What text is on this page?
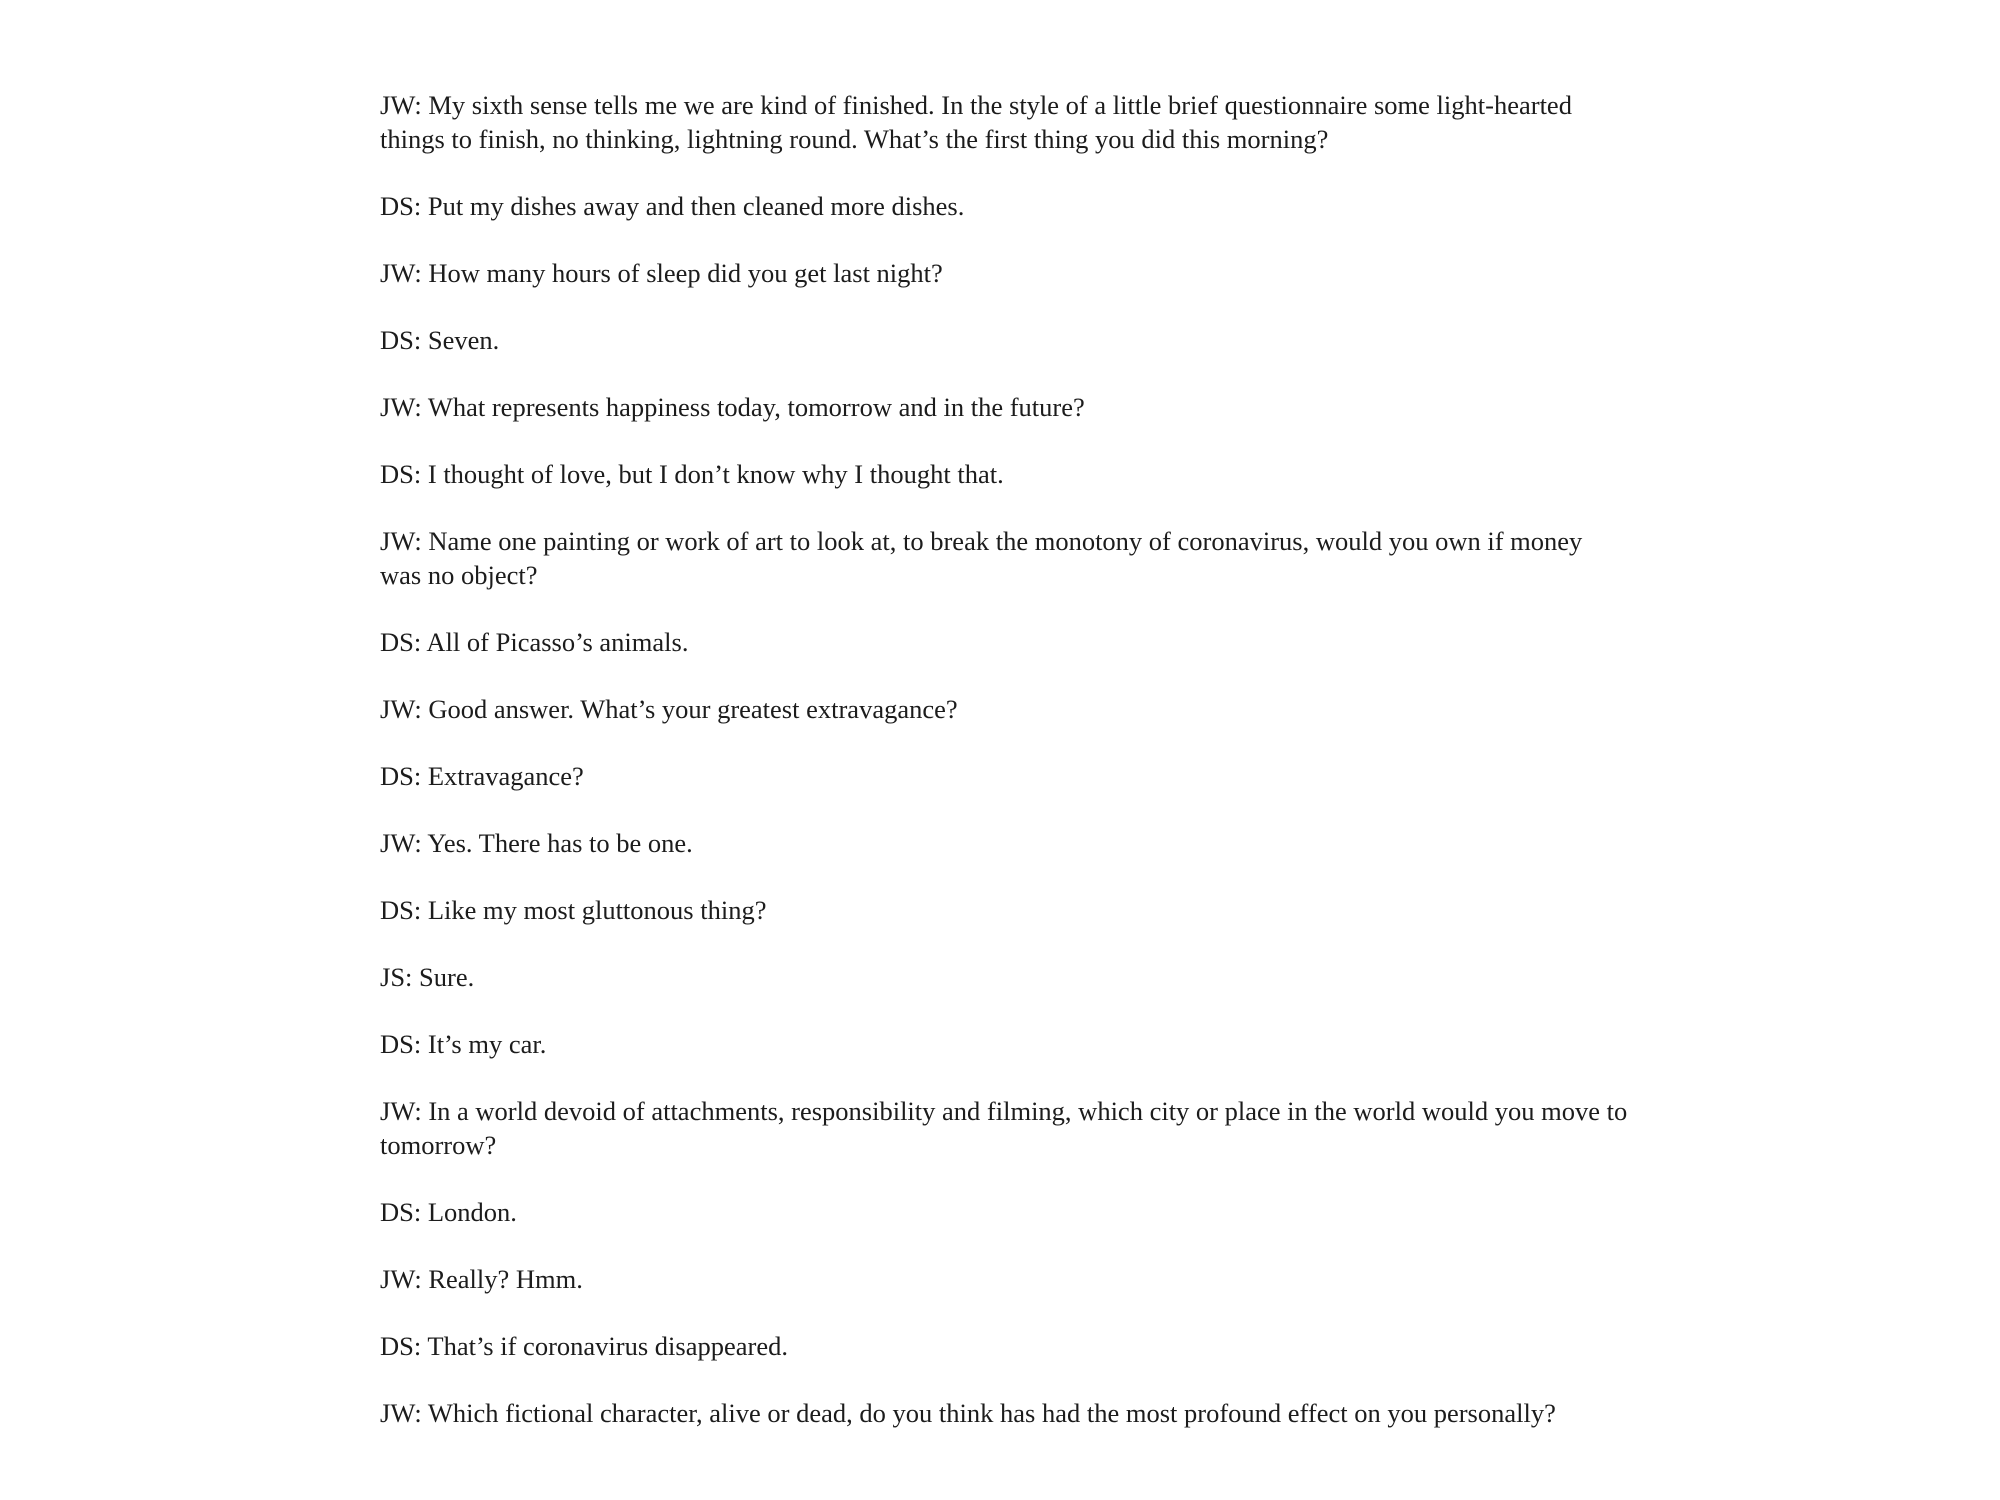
JW: My sixth sense tells me we are kind of finished. In the style of a little brief questionnaire some light-hearted things to finish, no thinking, lightning round. What’s the first thing you did this morning?

DS: Put my dishes away and then cleaned more dishes.

JW: How many hours of sleep did you get last night?

DS: Seven.

JW: What represents happiness today, tomorrow and in the future?

DS: I thought of love, but I don’t know why I thought that.

JW: Name one painting or work of art to look at, to break the monotony of coronavirus, would you own if money was no object?

DS: All of Picasso’s animals.

JW: Good answer. What’s your greatest extravagance?

DS: Extravagance?

JW: Yes. There has to be one.

DS: Like my most gluttonous thing?

JS: Sure.

DS: It’s my car.

JW: In a world devoid of attachments, responsibility and filming, which city or place in the world would you move to tomorrow?

DS: London.

JW: Really? Hmm.

DS: That’s if coronavirus disappeared.

JW: Which fictional character, alive or dead, do you think has had the most profound effect on you personally?
